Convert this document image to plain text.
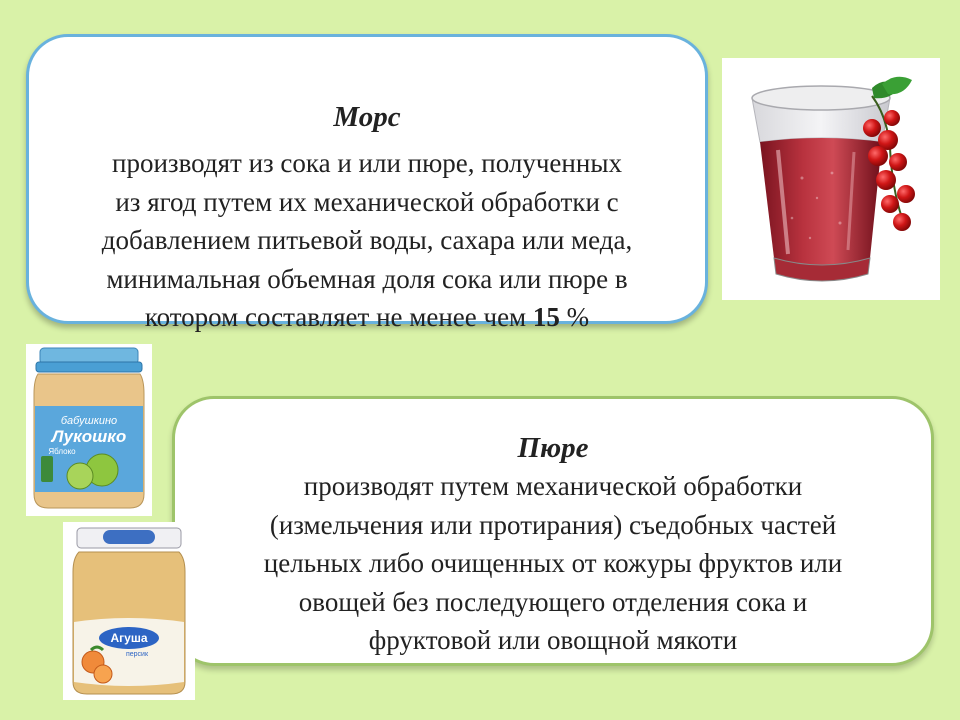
Морс
производят из сока и или пюре, полученных
из ягод путем их механической обработки с
добавлением питьевой воды, сахара или меда,
минимальная объемная доля сока или пюре в
котором составляет не менее чем 15 %
Пюре
производят путем механической обработки
(измельчения или протирания) съедобных частей
цельных либо очищенных от кожуры фруктов или
овощей без последующего отделения сока и
фруктовой или овощной мякоти
бабушкино
Лукошко
Яблоко
Агуша
персик
